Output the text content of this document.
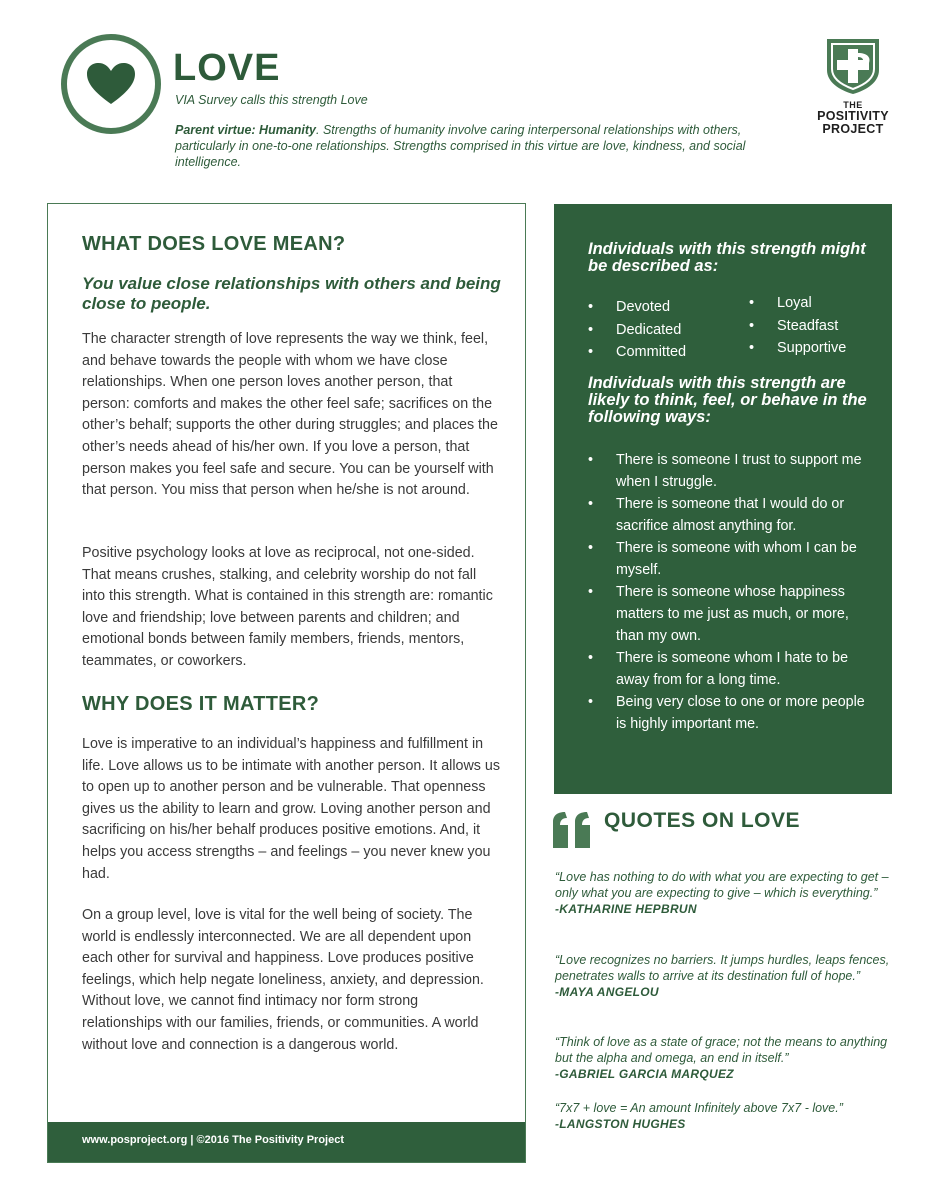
LOVE
VIA Survey calls this strength Love
Parent virtue: Humanity. Strengths of humanity involve caring interpersonal relationships with others, particularly in one-to-one relationships. Strengths comprised in this virtue are love, kindness, and social intelligence.
THE
POSITIVITY
PROJECT
WHAT DOES LOVE MEAN?
You value close relationships with others and being close to people.

The character strength of love represents the way we think, feel, and behave towards the people with whom we have close relationships. When one person loves another person, that person: comforts and makes the other feel safe; sacrifices on the other’s behalf; supports the other during struggles; and places the other’s needs ahead of his/her own. If you love a person, that person makes you feel safe and secure. You can be yourself with that person. You miss that person when he/she is not around.

Positive psychology looks at love as reciprocal, not one-sided. That means crushes, stalking, and celebrity worship do not fall into this strength. What is contained in this strength are: romantic love and friendship; love between parents and children; and emotional bonds between family members, friends, mentors, teammates, or coworkers.

WHY DOES IT MATTER?

Love is imperative to an individual’s happiness and fulfillment in life. Love allows us to be intimate with another person. It allows us to open up to another person and be vulnerable. That openness gives us the ability to learn and grow. Loving another person and sacrificing on his/her behalf produces positive emotions. And, it helps you access strengths – and feelings – you never knew you had.

On a group level, love is vital for the well being of society. The world is endlessly interconnected. We are all dependent upon each other for survival and happiness. Love produces positive feelings, which help negate loneliness, anxiety, and depression. Without love, we cannot find intimacy nor form strong relationships with our families, friends, or communities. A world without love and connection is a dangerous world.

www.posproject.org | ©2016 The Positivity Project
Individuals with this strength might be described as:
• Devoted
• Dedicated
• Committed
• Loyal
• Steadfast
• Supportive
Individuals with this strength are likely to think, feel, or behave in the following ways:
• There is someone I trust to support me when I struggle.
• There is someone that I would do or sacrifice almost anything for.
• There is someone with whom I can be myself.
• There is someone whose happiness matters to me just as much, or more, than my own.
• There is someone whom I hate to be away from for a long time.
• Being very close to one or more people is highly important me.
QUOTES ON LOVE
“Love has nothing to do with what you are expecting to get – only what you are expecting to give – which is everything.”
-KATHARINE HEPBRUN
“Love recognizes no barriers. It jumps hurdles, leaps fences, penetrates walls to arrive at its destination full of hope.”
-MAYA ANGELOU
“Think of love as a state of grace; not the means to anything but the alpha and omega, an end in itself.”
-GABRIEL GARCIA MARQUEZ
“7x7 + love = An amount Infinitely above 7x7 - love.”
-LANGSTON HUGHES
